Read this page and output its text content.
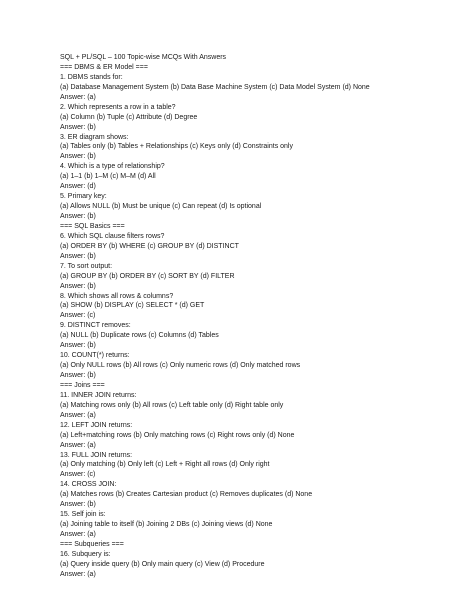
SQL + PL/SQL – 100 Topic-wise MCQs With Answers
=== DBMS & ER Model ===
1. DBMS stands for:
(a) Database Management System (b) Data Base Machine System (c) Data Model System (d) None
Answer: (a)
2. Which represents a row in a table?
(a) Column (b) Tuple (c) Attribute (d) Degree
Answer: (b)
3. ER diagram shows:
(a) Tables only (b) Tables + Relationships (c) Keys only (d) Constraints only
Answer: (b)
4. Which is a type of relationship?
(a) 1–1 (b) 1–M (c) M–M (d) All
Answer: (d)
5. Primary key:
(a) Allows NULL (b) Must be unique (c) Can repeat (d) Is optional
Answer: (b)
=== SQL Basics ===
6. Which SQL clause filters rows?
(a) ORDER BY (b) WHERE (c) GROUP BY (d) DISTINCT
Answer: (b)
7. To sort output:
(a) GROUP BY (b) ORDER BY (c) SORT BY (d) FILTER
Answer: (b)
8. Which shows all rows & columns?
(a) SHOW (b) DISPLAY (c) SELECT * (d) GET
Answer: (c)
9. DISTINCT removes:
(a) NULL (b) Duplicate rows (c) Columns (d) Tables
Answer: (b)
10. COUNT(*) returns:
(a) Only NULL rows (b) All rows (c) Only numeric rows (d) Only matched rows
Answer: (b)
=== Joins ===
11. INNER JOIN returns:
(a) Matching rows only (b) All rows (c) Left table only (d) Right table only
Answer: (a)
12. LEFT JOIN returns:
(a) Left+matching rows (b) Only matching rows (c) Right rows only (d) None
Answer: (a)
13. FULL JOIN returns:
(a) Only matching (b) Only left (c) Left + Right all rows (d) Only right
Answer: (c)
14. CROSS JOIN:
(a) Matches rows (b) Creates Cartesian product (c) Removes duplicates (d) None
Answer: (b)
15. Self join is:
(a) Joining table to itself (b) Joining 2 DBs (c) Joining views (d) None
Answer: (a)
=== Subqueries ===
16. Subquery is:
(a) Query inside query (b) Only main query (c) View (d) Procedure
Answer: (a)
